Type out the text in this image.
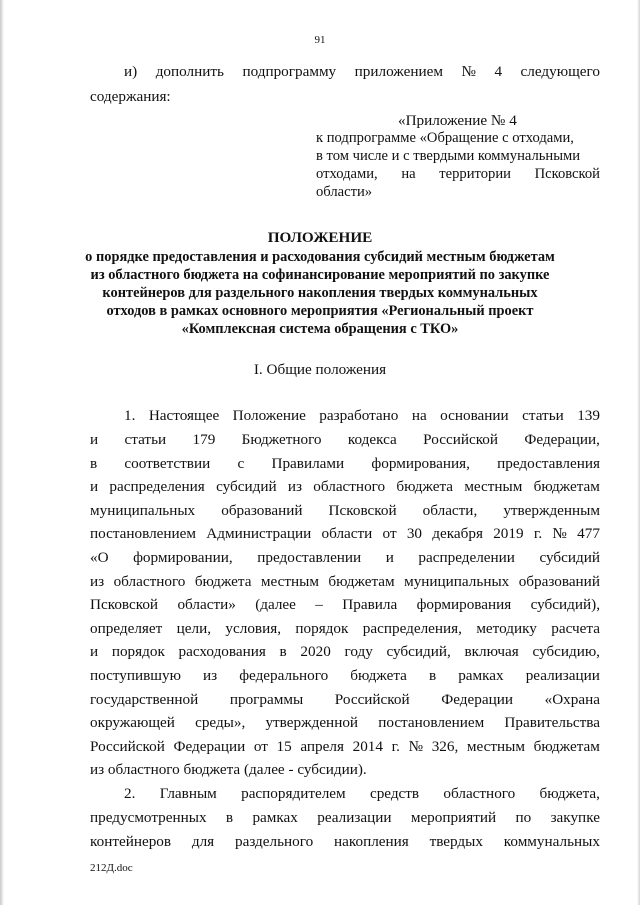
91
и) дополнить подпрограмму приложением № 4 следующего
содержания:
«Приложение № 4
к подпрограмме «Обращение с отходами,
в том числе и с твердыми коммунальными
отходами, на территории Псковской
области»
ПОЛОЖЕНИЕ
о порядке предоставления и расходования субсидий местным бюджетам
из областного бюджета на софинансирование мероприятий по закупке
контейнеров для раздельного накопления твердых коммунальных
отходов в рамках основного мероприятия «Региональный проект
«Комплексная система обращения с ТКО»
I. Общие положения
1. Настоящее Положение разработано на основании статьи 139
и статьи 179 Бюджетного кодекса Российской Федерации,
в соответствии с Правилами формирования, предоставления
и распределения субсидий из областного бюджета местным бюджетам
муниципальных образований Псковской области, утвержденным
постановлением Администрации области от 30 декабря 2019 г. № 477
«О формировании, предоставлении и распределении субсидий
из областного бюджета местным бюджетам муниципальных образований
Псковской области» (далее – Правила формирования субсидий),
определяет цели, условия, порядок распределения, методику расчета
и порядок расходования в 2020 году субсидий, включая субсидию,
поступившую из федерального бюджета в рамках реализации
государственной программы Российской Федерации «Охрана
окружающей среды», утвержденной постановлением Правительства
Российской Федерации от 15 апреля 2014 г. № 326, местным бюджетам
из областного бюджета (далее - субсидии).
2. Главным распорядителем средств областного бюджета,
предусмотренных в рамках реализации мероприятий по закупке
контейнеров для раздельного накопления твердых коммунальных
212Д.doc
